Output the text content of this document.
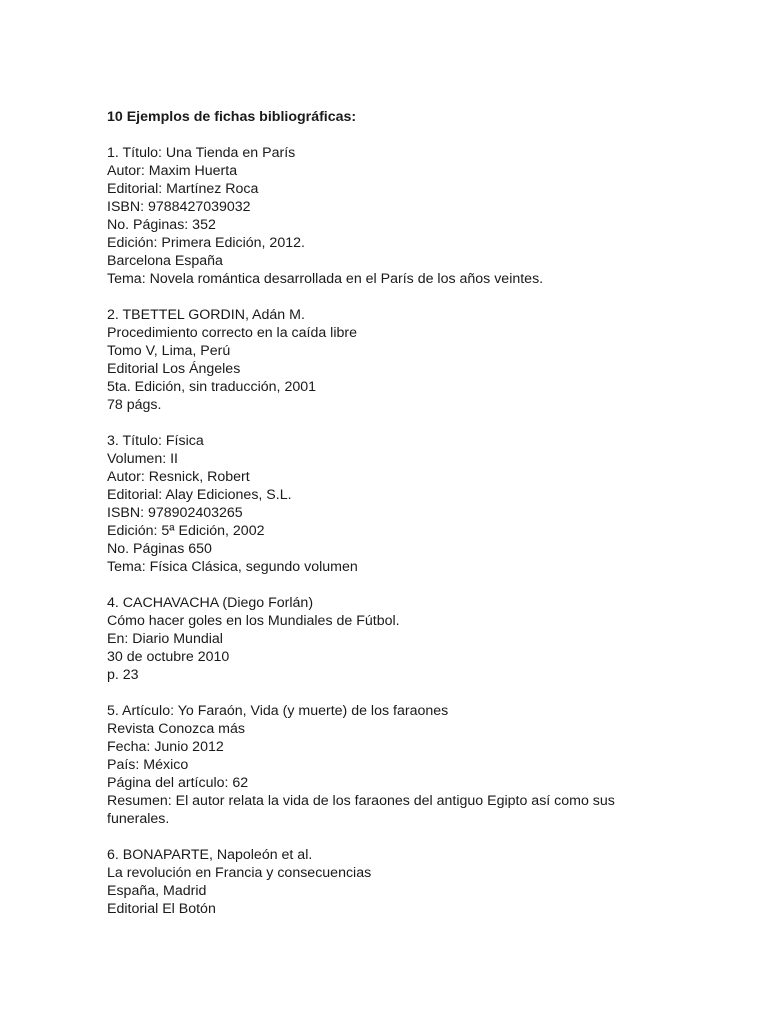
10 Ejemplos de fichas bibliográficas:

1. Título: Una Tienda en París
Autor: Maxim Huerta
Editorial: Martínez Roca
ISBN: 9788427039032
No. Páginas: 352
Edición: Primera Edición, 2012.
Barcelona España
Tema: Novela romántica desarrollada en el París de los años veintes.
2. TBETTEL GORDIN, Adán M.
Procedimiento correcto en la caída libre
Tomo V, Lima, Perú
Editorial Los Ángeles
5ta. Edición, sin traducción, 2001
78 págs.
3. Título: Física
Volumen: II
Autor: Resnick, Robert
Editorial: Alay Ediciones, S.L.
ISBN: 978902403265
Edición: 5ª Edición, 2002
No. Páginas 650
Tema: Física Clásica, segundo volumen
4. CACHAVACHA (Diego Forlán)
Cómo hacer goles en los Mundiales de Fútbol.
En: Diario Mundial
30 de octubre 2010
p. 23
5. Artículo: Yo Faraón, Vida (y muerte) de los faraones
Revista Conozca más
Fecha: Junio 2012
País: México
Página del artículo: 62
Resumen: El autor relata la vida de los faraones del antiguo Egipto así como sus funerales.
6. BONAPARTE, Napoleón et al.
La revolución en Francia y consecuencias
España, Madrid
Editorial El Botón
